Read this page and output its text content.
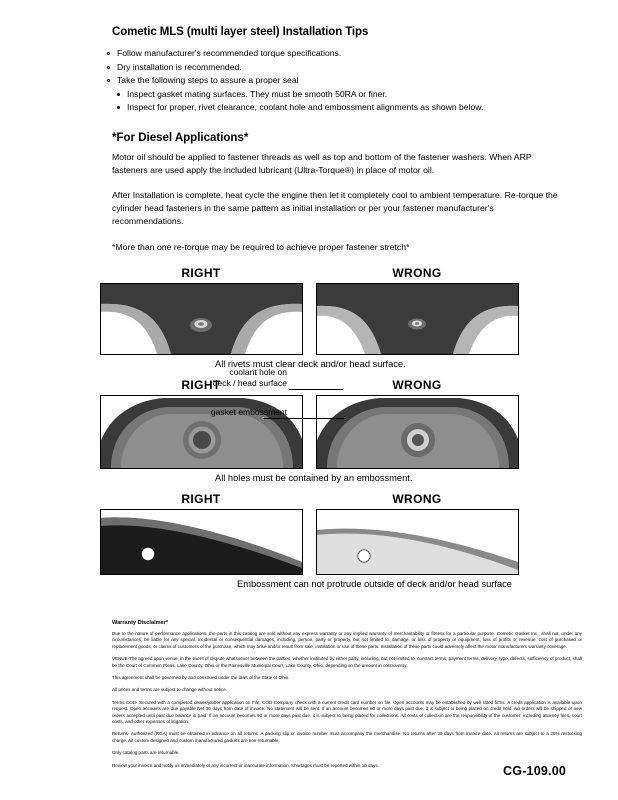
Cometic MLS (multi layer steel) Installation Tips
Follow manufacturer's recommended torque specifications.
Dry installation is recommended.
Take the following steps to assure a proper seal
Inspect gasket mating surfaces. They must be smooth 50RA or finer.
Inspect for proper, rivet clearance, coolant hole and embossment alignments as shown below.
*For Diesel Applications*

Motor oil should be applied to fastener threads as well as top and bottom of the fastener washers. When ARP fasteners are used apply the included lubricant (Ultra-Torque®) in place of motor oil.

After Installation is complete, heat cycle the engine then let it completely cool to ambient temperature. Re-torque the cylinder head fasteners in the same pattern as initial installation or per your fastener manufacturer's recommendations.

*More than one re-torque may be required to achieve proper fastener stretch*

RIGHT	WRONG
All rivets must clear deck and/or head surface.
RIGHT	WRONG
All holes must be contained by an embossment.
coolant hole on
deck / head surface
gasket embossment
RIGHT	WRONG
Embossment can not protrude outside of deck and/or head surface
Warranty Disclaimer*

Due to the nature of performance applications, the parts in this catalog are sold without any express warranty or any implied warranty of merchantability or fitness for a particular purpose. Cometic Gasket Inc., shall not, under any circumstances, be liable for any special, incidental or consequential damages, including, person, party or property, but not limited to, damage, or loss of property or equipment, loss of profits or revenue, cost of purchased or replacement goods, or claims of customers of the purchase, which may arise and/or result from sale, instillation or use of these parts. Installation of these parts could adversely affect the motor manufacturers warranty coverage.

VENUE-The agreed upon venue, in the event of dispute whatsoever between the parties, whether instituted by either party, including, but not limited to, contract terms, payment terms, delivery, type, defects, sufficiency of product, shall be the Court of Common Pleas, Lake County, Ohio or the Painesville Municipal Court, Lake County, Ohio, depending on the amount in controversy.

This agreement shall be governed by and construed under the laws of the State of Ohio.

All prices and terms are subject to change without notice.

Terms COD- Secured with a completed dealer/jobber application on File, COD-Company check with a current credit card number on file. Open accounts may be established by well rated firms. A credit application is available upon request. Open accounts are due payable Net 30 days from date of invoice. No statement will be sent. If an account becomes 60 or more days past due, it is subject to being placed on credit hold. No orders will be shipped or new orders accepted until past due balance is paid. If an account becomes 90 or more days past due, it is subject to being placed for collections. All costs of collection are the responsibility of the customer, including attorney fees, court costs, and other expenses of litigation.

Returns- Authorized (RGA) must be obtained in advance on all returns. A packing slip or invoice number must accompany the merchandise. No returns after 30 days from invoice date. All returns are subject to a 25% restocking charge. All custom designed and custom manufactured gaskets are non-returnable.

Only catalog parts are returnable.

Review your invoice and notify us immediately of any incorrect or inaccurate information. Shortages must be reported within 10 days.	CG-109.00
